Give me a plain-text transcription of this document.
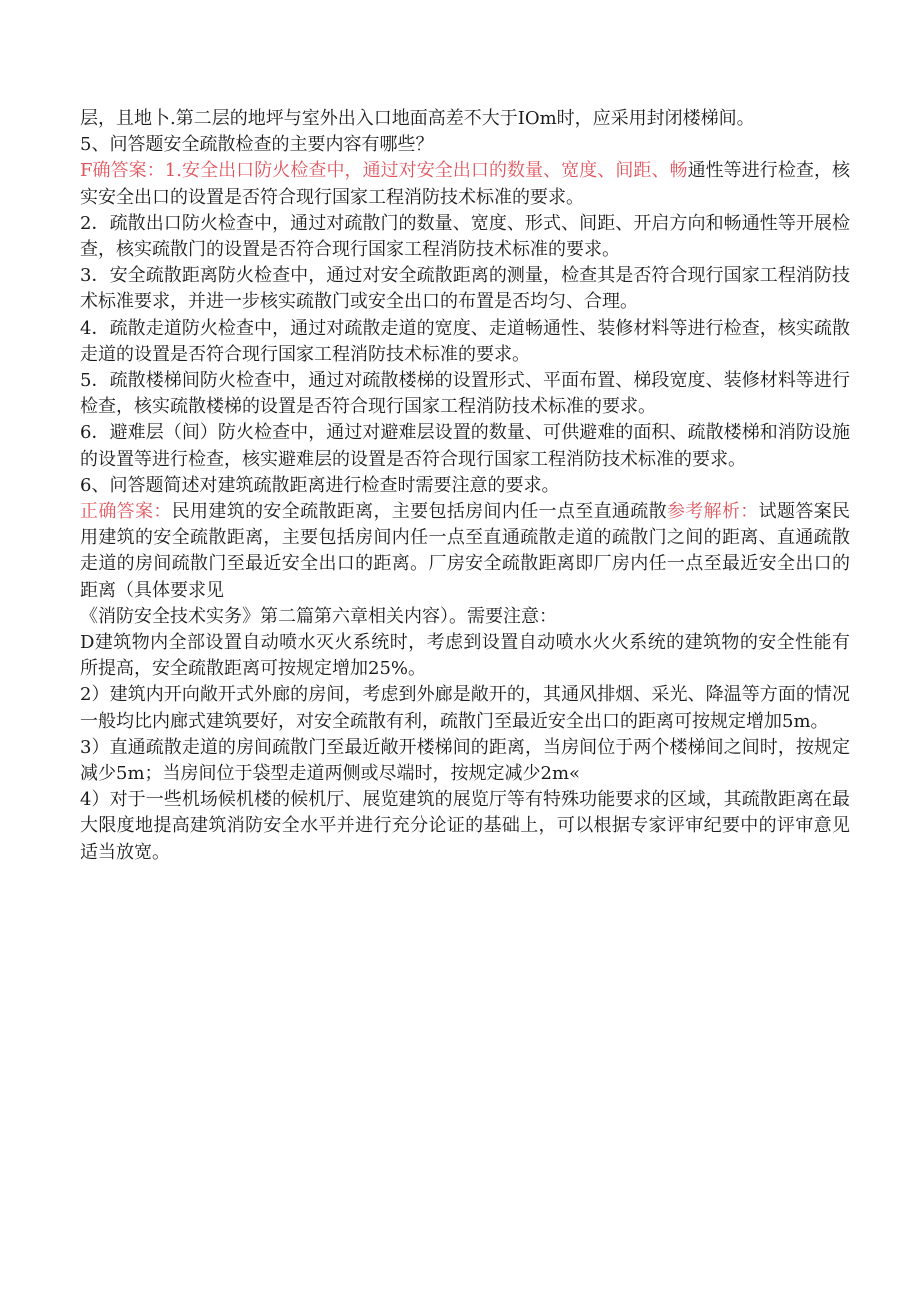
层，且地卜.第二层的地坪与室外出入口地面高差不大于IOm时，应采用封闭楼梯间。

5、问答题安全疏散检查的主要内容有哪些？

F确答案：1.安全出口防火检查中，通过对安全出口的数量、宽度、间距、畅通性等进行检查，核实安全出口的设置是否符合现行国家工程消防技术标准的要求。

2．疏散出口防火检查中，通过对疏散门的数量、宽度、形式、间距、开启方向和畅通性等开展检查，核实疏散门的设置是否符合现行国家工程消防技术标准的要求。

3．安全疏散距离防火检查中，通过对安全疏散距离的测量，检查其是否符合现行国家工程消防技术标准要求，并进一步核实疏散门或安全出口的布置是否均匀、合理。

4．疏散走道防火检查中，通过对疏散走道的宽度、走道畅通性、装修材料等进行检查，核实疏散走道的设置是否符合现行国家工程消防技术标准的要求。

5．疏散楼梯间防火检查中，通过对疏散楼梯的设置形式、平面布置、梯段宽度、装修材料等进行检查，核实疏散楼梯的设置是否符合现行国家工程消防技术标准的要求。

6．避难层（间）防火检查中，通过对避难层设置的数量、可供避难的面积、疏散楼梯和消防设施的设置等进行检查，核实避难层的设置是否符合现行国家工程消防技术标准的要求。

6、问答题简述对建筑疏散距离进行检查时需要注意的要求。

正确答案：民用建筑的安全疏散距离，主要包括房间内任一点至直通疏散参考解析：试题答案民用建筑的安全疏散距离，主要包括房间内任一点至直通疏散走道的疏散门之间的距离、直通疏散走道的房间疏散门至最近安全出口的距离。厂房安全疏散距离即厂房内任一点至最近安全出口的距离（具体要求见

《消防安全技术实务》第二篇第六章相关内容）。需要注意：

D建筑物内全部设置自动喷水灭火系统时，考虑到设置自动喷水火火系统的建筑物的安全性能有所提高，安全疏散距离可按规定增加25%。

2）建筑内开向敞开式外廊的房间，考虑到外廊是敞开的，其通风排烟、采光、降温等方面的情况一般均比内廊式建筑要好，对安全疏散有利，疏散门至最近安全出口的距离可按规定增加5m。

3）直通疏散走道的房间疏散门至最近敞开楼梯间的距离，当房间位于两个楼梯间之间时，按规定减少5m；当房间位于袋型走道两侧或尽端时，按规定减少2m«

4）对于一些机场候机楼的候机厅、展览建筑的展览厅等有特殊功能要求的区域，其疏散距离在最大限度地提高建筑消防安全水平并进行充分论证的基础上，可以根据专家评审纪要中的评审意见适当放宽。
